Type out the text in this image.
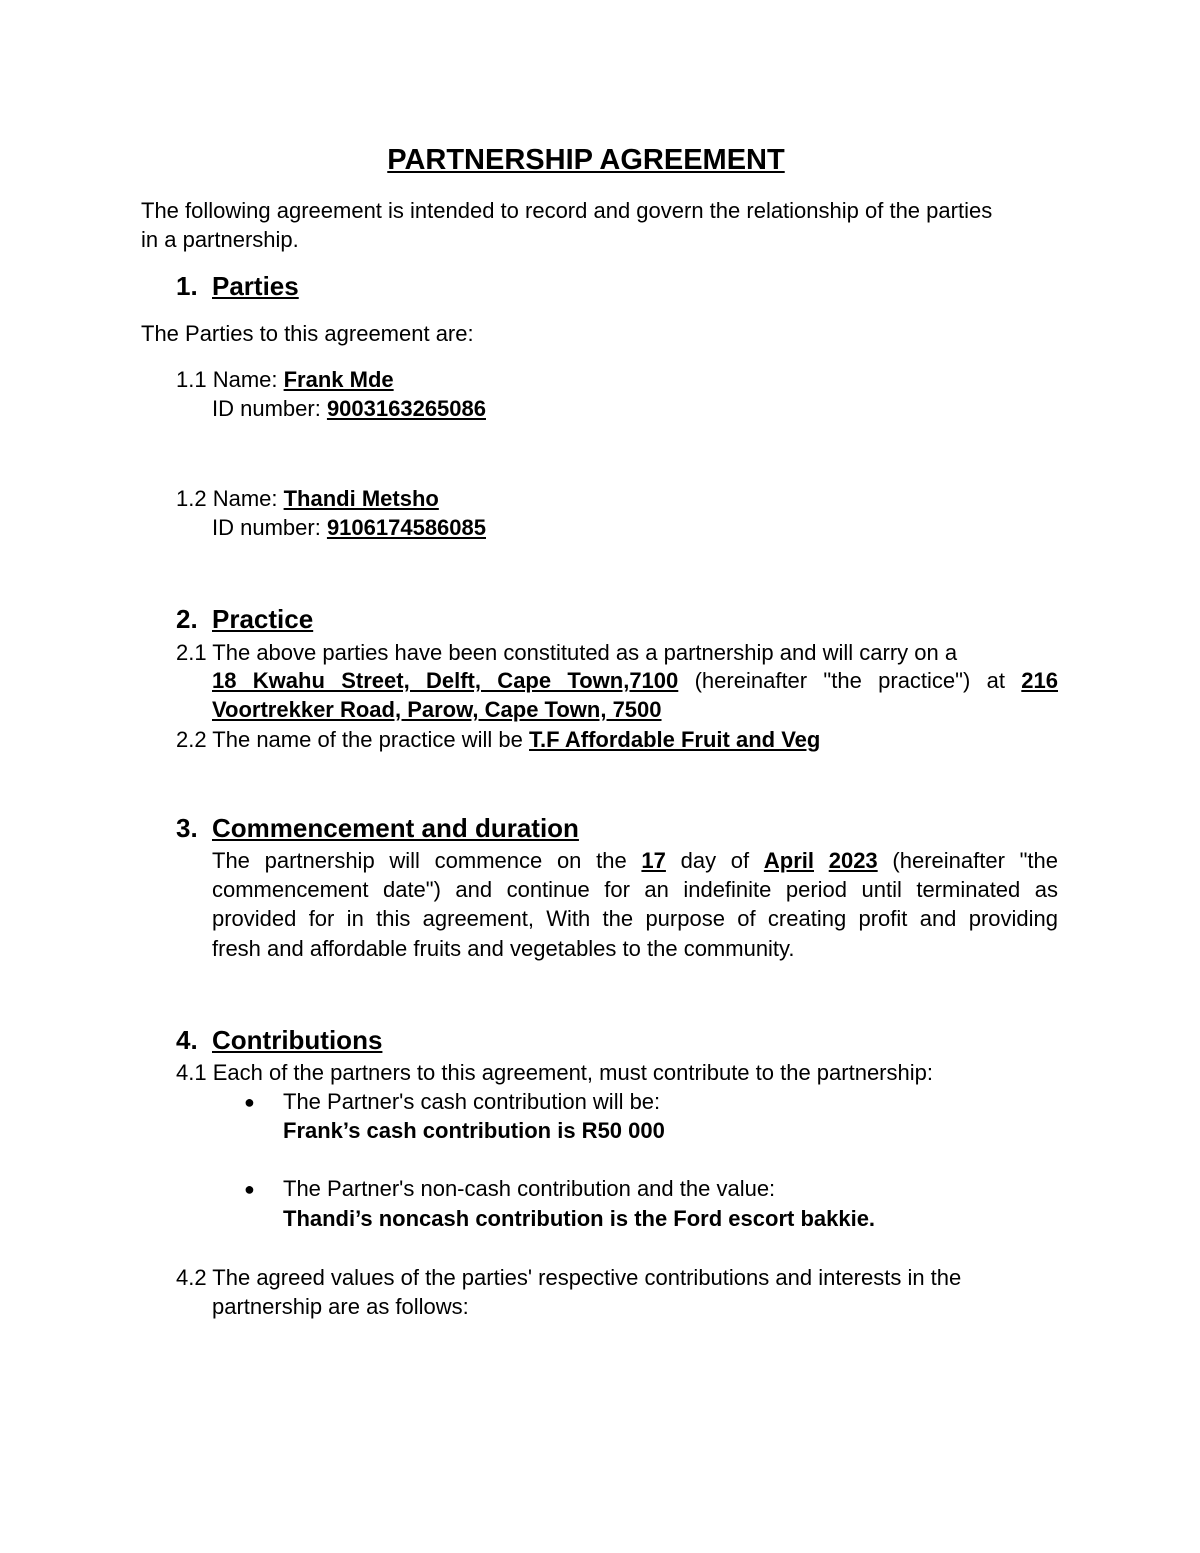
PARTNERSHIP AGREEMENT
The following agreement is intended to record and govern the relationship of the parties
in a partnership.
1. Parties
The Parties to this agreement are:
1.1 Name: Frank Mde
ID number: 9003163265086
1.2 Name: Thandi Metsho
ID number: 9106174586085
2. Practice
2.1 The above parties have been constituted as a partnership and will carry on a
18 Kwahu Street, Delft, Cape Town,7100 (hereinafter "the practice") at 216
Voortrekker Road, Parow, Cape Town, 7500
2.2 The name of the practice will be T.F Affordable Fruit and Veg
3. Commencement and duration
The partnership will commence on the 17 day of April 2023 (hereinafter "the
commencement date") and continue for an indefinite period until terminated as
provided for in this agreement, With the purpose of creating profit and providing
fresh and affordable fruits and vegetables to the community.
4. Contributions
4.1 Each of the partners to this agreement, must contribute to the partnership:
● The Partner's cash contribution will be:
Frank’s cash contribution is R50 000
● The Partner's non-cash contribution and the value:
Thandi’s noncash contribution is the Ford escort bakkie.
4.2 The agreed values of the parties' respective contributions and interests in the
partnership are as follows:
